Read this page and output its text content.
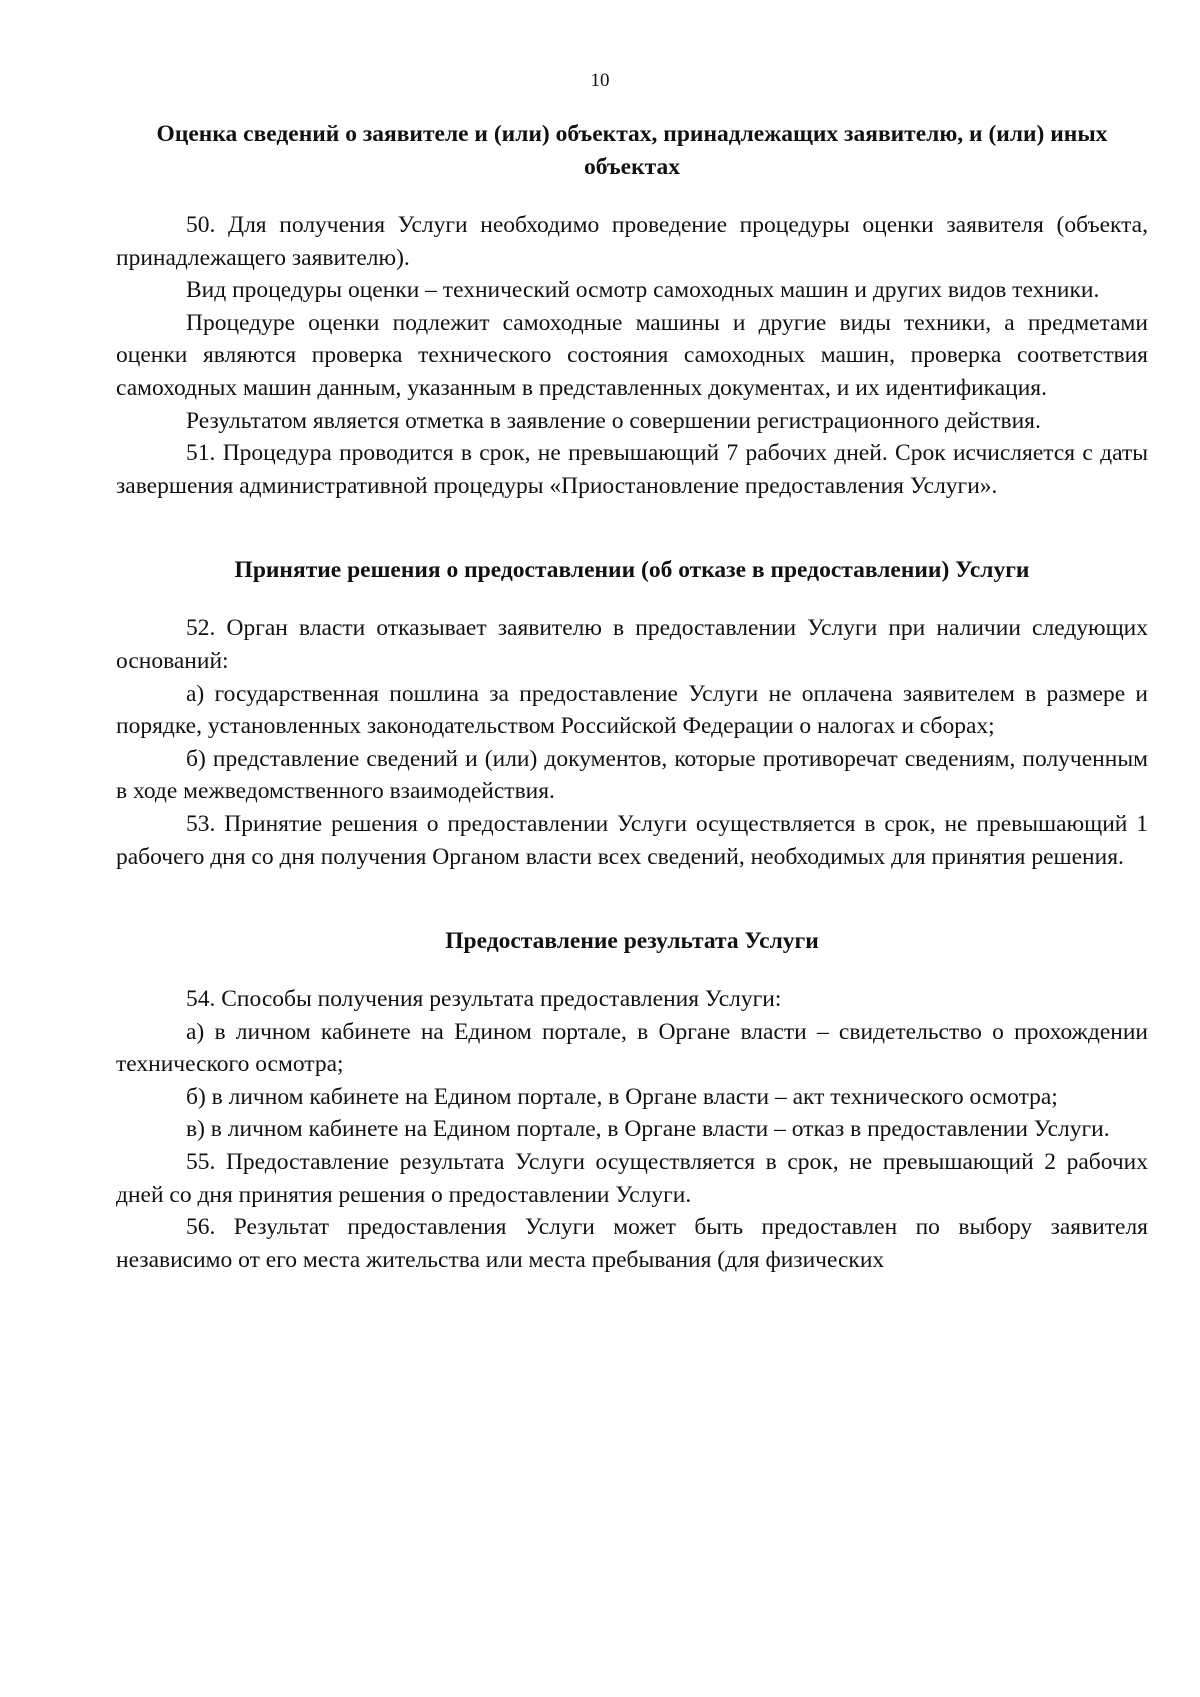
10
Оценка сведений о заявителе и (или) объектах, принадлежащих заявителю, и (или) иных объектах

50. Для получения Услуги необходимо проведение процедуры оценки заявителя (объекта, принадлежащего заявителю).

Вид процедуры оценки – технический осмотр самоходных машин и других видов техники.

Процедуре оценки подлежит самоходные машины и другие виды техники, а предметами оценки являются проверка технического состояния самоходных машин, проверка соответствия самоходных машин данным, указанным в представленных документах, и их идентификация.

Результатом является отметка в заявление о совершении регистрационного действия.

51. Процедура проводится в срок, не превышающий 7 рабочих дней. Срок исчисляется с даты завершения административной процедуры «Приостановление предоставления Услуги».

Принятие решения о предоставлении (об отказе в предоставлении) Услуги

52. Орган власти отказывает заявителю в предоставлении Услуги при наличии следующих оснований:

а) государственная пошлина за предоставление Услуги не оплачена заявителем в размере и порядке, установленных законодательством Российской Федерации о налогах и сборах;

б) представление сведений и (или) документов, которые противоречат сведениям, полученным в ходе межведомственного взаимодействия.

53. Принятие решения о предоставлении Услуги осуществляется в срок, не превышающий 1 рабочего дня со дня получения Органом власти всех сведений, необходимых для принятия решения.

Предоставление результата Услуги

54. Способы получения результата предоставления Услуги:

а) в личном кабинете на Едином портале, в Органе власти – свидетельство о прохождении технического осмотра;

б) в личном кабинете на Едином портале, в Органе власти – акт технического осмотра;

в) в личном кабинете на Едином портале, в Органе власти – отказ в предоставлении Услуги.

55. Предоставление результата Услуги осуществляется в срок, не превышающий 2 рабочих дней со дня принятия решения о предоставлении Услуги.

56. Результат предоставления Услуги может быть предоставлен по выбору заявителя независимо от его места жительства или места пребывания (для физических
